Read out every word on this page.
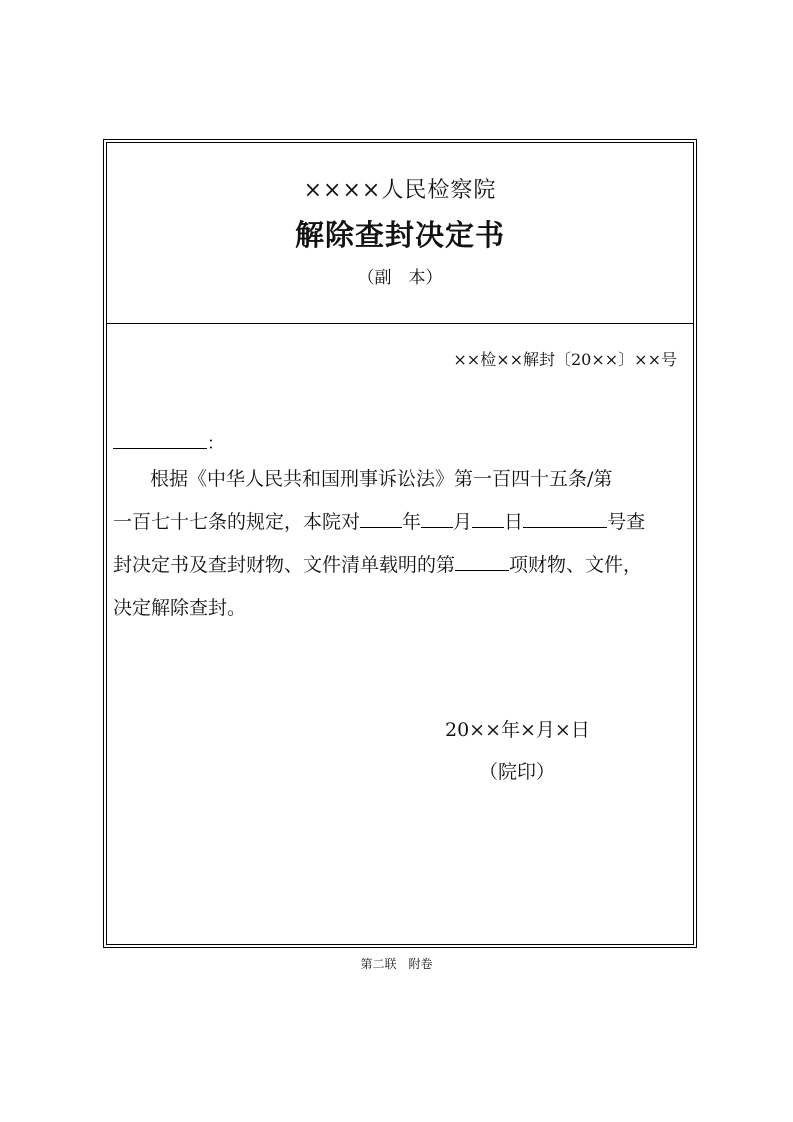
××××人民检察院
解除查封决定书
（副　本）
××检××解封〔20××〕××号
：
根据《中华人民共和国刑事诉讼法》第一百四十五条/第
一百七十七条的规定，本院对 年 月 日	号查
封决定书及查封财物、文件清单载明的第	项财物、文件，
决定解除查封。
20××年×月×日
（院印）
第二联　附卷
